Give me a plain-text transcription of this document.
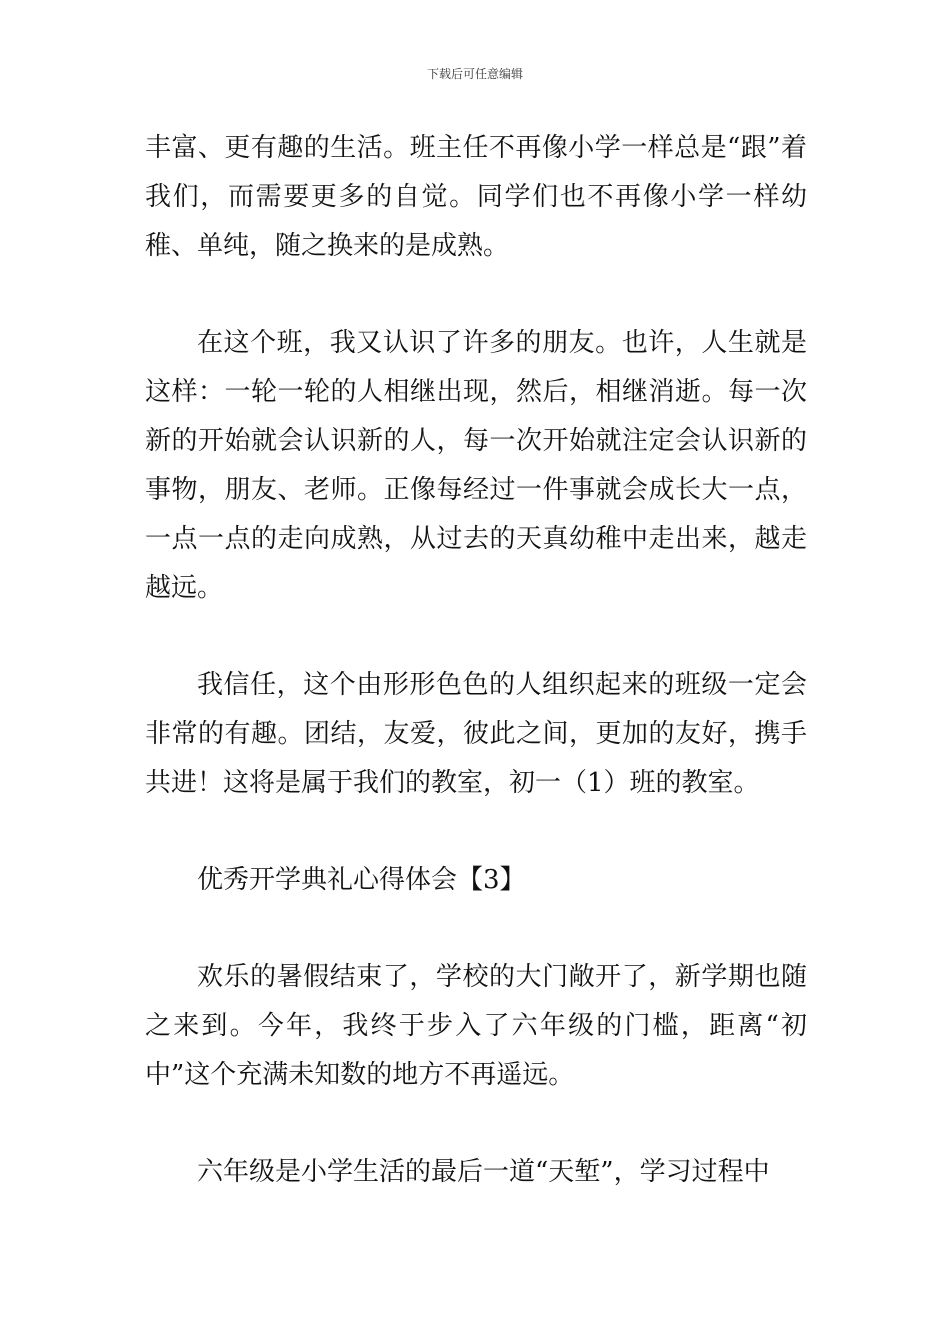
下载后可任意编辑

丰富、更有趣的生活。班主任不再像小学一样总是“跟”着我们，而需要更多的自觉。同学们也不再像小学一样幼稚、单纯，随之换来的是成熟。

在这个班，我又认识了许多的朋友。也许，人生就是这样：一轮一轮的人相继出现，然后，相继消逝。每一次新的开始就会认识新的人，每一次开始就注定会认识新的事物，朋友、老师。正像每经过一件事就会成长大一点，一点一点的走向成熟，从过去的天真幼稚中走出来，越走越远。

我信任，这个由形形色色的人组织起来的班级一定会非常的有趣。团结，友爱，彼此之间，更加的友好，携手共进！这将是属于我们的教室，初一（1）班的教室。

优秀开学典礼心得体会【3】

欢乐的暑假结束了，学校的大门敞开了，新学期也随之来到。今年，我终于步入了六年级的门槛，距离“初中”这个充满未知数的地方不再遥远。

六年级是小学生活的最后一道“天堑”，学习过程中
